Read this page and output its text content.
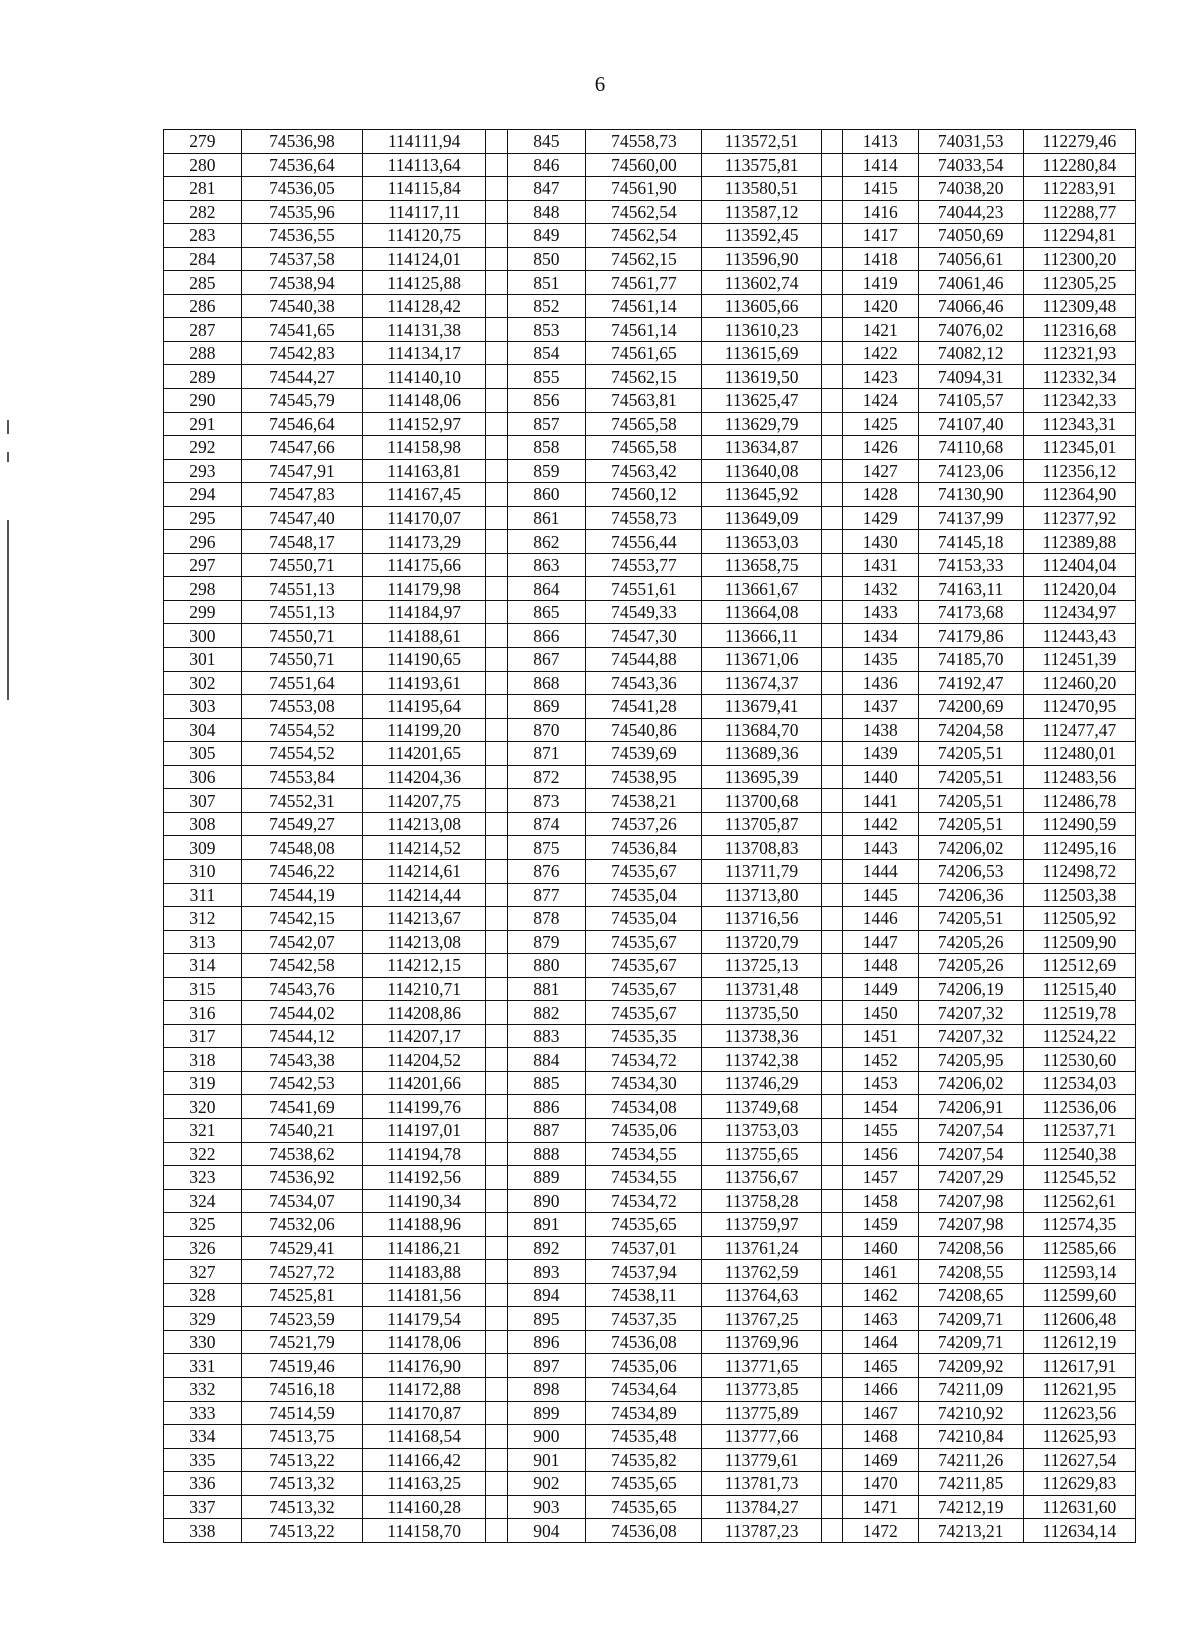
6
279	74536,98	114111,94		845	74558,73	113572,51		1413	74031,53	112279,46
280	74536,64	114113,64		846	74560,00	113575,81		1414	74033,54	112280,84
281	74536,05	114115,84		847	74561,90	113580,51		1415	74038,20	112283,91
282	74535,96	114117,11		848	74562,54	113587,12		1416	74044,23	112288,77
283	74536,55	114120,75		849	74562,54	113592,45		1417	74050,69	112294,81
284	74537,58	114124,01		850	74562,15	113596,90		1418	74056,61	112300,20
285	74538,94	114125,88		851	74561,77	113602,74		1419	74061,46	112305,25
286	74540,38	114128,42		852	74561,14	113605,66		1420	74066,46	112309,48
287	74541,65	114131,38		853	74561,14	113610,23		1421	74076,02	112316,68
288	74542,83	114134,17		854	74561,65	113615,69		1422	74082,12	112321,93
289	74544,27	114140,10		855	74562,15	113619,50		1423	74094,31	112332,34
290	74545,79	114148,06		856	74563,81	113625,47		1424	74105,57	112342,33
291	74546,64	114152,97		857	74565,58	113629,79		1425	74107,40	112343,31
292	74547,66	114158,98		858	74565,58	113634,87		1426	74110,68	112345,01
293	74547,91	114163,81		859	74563,42	113640,08		1427	74123,06	112356,12
294	74547,83	114167,45		860	74560,12	113645,92		1428	74130,90	112364,90
295	74547,40	114170,07		861	74558,73	113649,09		1429	74137,99	112377,92
296	74548,17	114173,29		862	74556,44	113653,03		1430	74145,18	112389,88
297	74550,71	114175,66		863	74553,77	113658,75		1431	74153,33	112404,04
298	74551,13	114179,98		864	74551,61	113661,67		1432	74163,11	112420,04
299	74551,13	114184,97		865	74549,33	113664,08		1433	74173,68	112434,97
300	74550,71	114188,61		866	74547,30	113666,11		1434	74179,86	112443,43
301	74550,71	114190,65		867	74544,88	113671,06		1435	74185,70	112451,39
302	74551,64	114193,61		868	74543,36	113674,37		1436	74192,47	112460,20
303	74553,08	114195,64		869	74541,28	113679,41		1437	74200,69	112470,95
304	74554,52	114199,20		870	74540,86	113684,70		1438	74204,58	112477,47
305	74554,52	114201,65		871	74539,69	113689,36		1439	74205,51	112480,01
306	74553,84	114204,36		872	74538,95	113695,39		1440	74205,51	112483,56
307	74552,31	114207,75		873	74538,21	113700,68		1441	74205,51	112486,78
308	74549,27	114213,08		874	74537,26	113705,87		1442	74205,51	112490,59
309	74548,08	114214,52		875	74536,84	113708,83		1443	74206,02	112495,16
310	74546,22	114214,61		876	74535,67	113711,79		1444	74206,53	112498,72
311	74544,19	114214,44		877	74535,04	113713,80		1445	74206,36	112503,38
312	74542,15	114213,67		878	74535,04	113716,56		1446	74205,51	112505,92
313	74542,07	114213,08		879	74535,67	113720,79		1447	74205,26	112509,90
314	74542,58	114212,15		880	74535,67	113725,13		1448	74205,26	112512,69
315	74543,76	114210,71		881	74535,67	113731,48		1449	74206,19	112515,40
316	74544,02	114208,86		882	74535,67	113735,50		1450	74207,32	112519,78
317	74544,12	114207,17		883	74535,35	113738,36		1451	74207,32	112524,22
318	74543,38	114204,52		884	74534,72	113742,38		1452	74205,95	112530,60
319	74542,53	114201,66		885	74534,30	113746,29		1453	74206,02	112534,03
320	74541,69	114199,76		886	74534,08	113749,68		1454	74206,91	112536,06
321	74540,21	114197,01		887	74535,06	113753,03		1455	74207,54	112537,71
322	74538,62	114194,78		888	74534,55	113755,65		1456	74207,54	112540,38
323	74536,92	114192,56		889	74534,55	113756,67		1457	74207,29	112545,52
324	74534,07	114190,34		890	74534,72	113758,28		1458	74207,98	112562,61
325	74532,06	114188,96		891	74535,65	113759,97		1459	74207,98	112574,35
326	74529,41	114186,21		892	74537,01	113761,24		1460	74208,56	112585,66
327	74527,72	114183,88		893	74537,94	113762,59		1461	74208,55	112593,14
328	74525,81	114181,56		894	74538,11	113764,63		1462	74208,65	112599,60
329	74523,59	114179,54		895	74537,35	113767,25		1463	74209,71	112606,48
330	74521,79	114178,06		896	74536,08	113769,96		1464	74209,71	112612,19
331	74519,46	114176,90		897	74535,06	113771,65		1465	74209,92	112617,91
332	74516,18	114172,88		898	74534,64	113773,85		1466	74211,09	112621,95
333	74514,59	114170,87		899	74534,89	113775,89		1467	74210,92	112623,56
334	74513,75	114168,54		900	74535,48	113777,66		1468	74210,84	112625,93
335	74513,22	114166,42		901	74535,82	113779,61		1469	74211,26	112627,54
336	74513,32	114163,25		902	74535,65	113781,73		1470	74211,85	112629,83
337	74513,32	114160,28		903	74535,65	113784,27		1471	74212,19	112631,60
338	74513,22	114158,70		904	74536,08	113787,23		1472	74213,21	112634,14
